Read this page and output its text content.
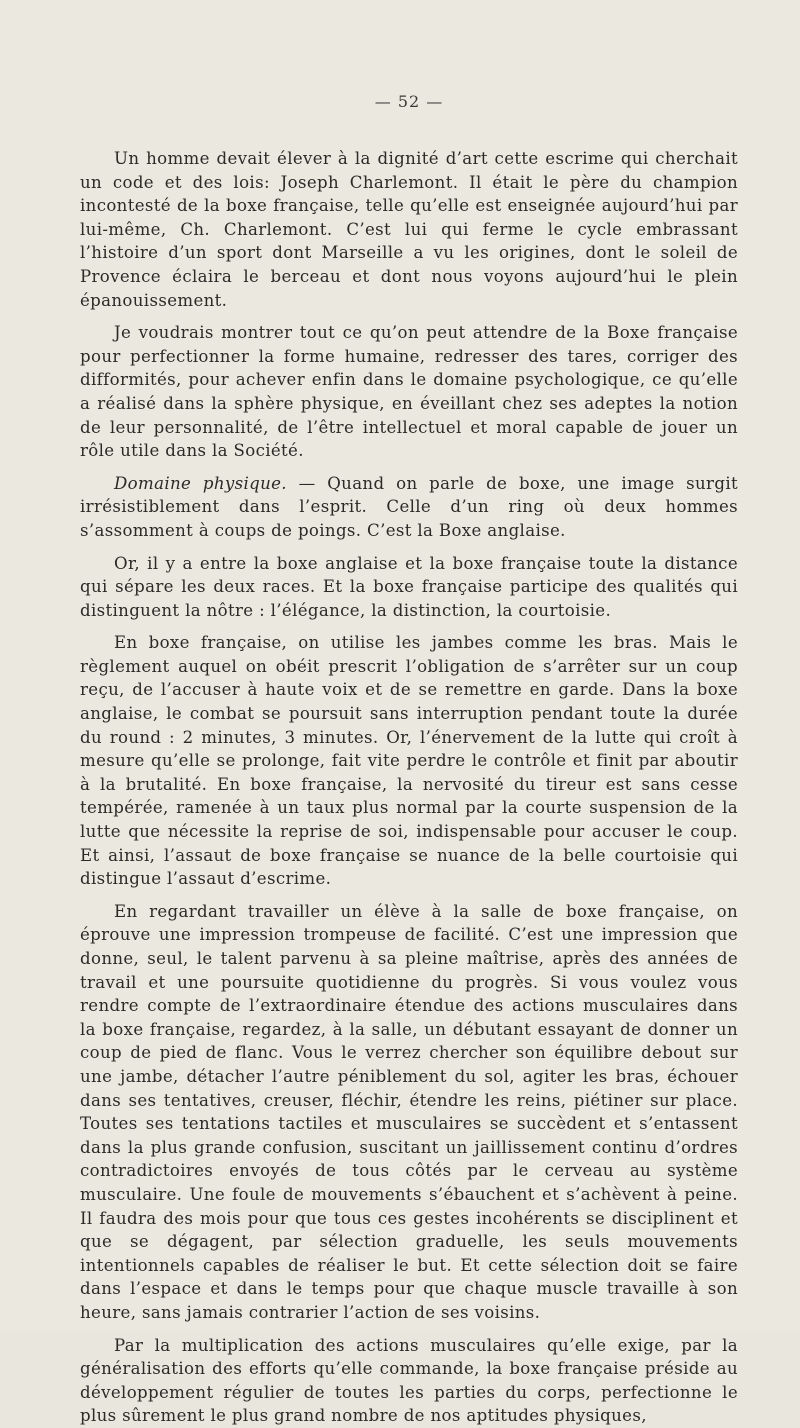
— 52 —

Un homme devait élever à la dignité d’art cette escrime qui cherchait un code et des lois: Joseph Charlemont. Il était le père du champion incontesté de la boxe française, telle qu’elle est enseignée aujourd’hui par lui-même, Ch. Charlemont. C’est lui qui ferme le cycle embrassant l’histoire d’un sport dont Marseille a vu les origines, dont le soleil de Provence éclaira le berceau et dont nous voyons aujourd’hui le plein épanouissement.

Je voudrais montrer tout ce qu’on peut attendre de la Boxe française pour perfectionner la forme humaine, redresser des tares, corriger des difformités, pour achever enfin dans le domaine psychologique, ce qu’elle a réalisé dans la sphère physique, en éveillant chez ses adeptes la notion de leur personnalité, de l’être intellectuel et moral capable de jouer un rôle utile dans la Société.

Domaine physique. — Quand on parle de boxe, une image surgit irrésistiblement dans l’esprit. Celle d’un ring où deux hommes s’assomment à coups de poings. C’est la Boxe anglaise.

Or, il y a entre la boxe anglaise et la boxe française toute la distance qui sépare les deux races. Et la boxe française participe des qualités qui distinguent la nôtre : l’élégance, la distinction, la courtoisie.

En boxe française, on utilise les jambes comme les bras. Mais le règlement auquel on obéit prescrit l’obligation de s’arrêter sur un coup reçu, de l’accuser à haute voix et de se remettre en garde. Dans la boxe anglaise, le combat se poursuit sans interruption pendant toute la durée du round : 2 minutes, 3 minutes. Or, l’énervement de la lutte qui croît à mesure qu’elle se prolonge, fait vite perdre le contrôle et finit par aboutir à la brutalité. En boxe française, la nervosité du tireur est sans cesse tempérée, ramenée à un taux plus normal par la courte suspension de la lutte que nécessite la reprise de soi, indispensable pour accuser le coup. Et ainsi, l’assaut de boxe française se nuance de la belle courtoisie qui distingue l’assaut d’escrime.

En regardant travailler un élève à la salle de boxe française, on éprouve une impression trompeuse de facilité. C’est une impression que donne, seul, le talent parvenu à sa pleine maîtrise, après des années de travail et une poursuite quotidienne du progrès. Si vous voulez vous rendre compte de l’extraordinaire étendue des actions musculaires dans la boxe française, regardez, à la salle, un débutant essayant de donner un coup de pied de flanc. Vous le verrez chercher son équilibre debout sur une jambe, détacher l’autre péniblement du sol, agiter les bras, échouer dans ses tentatives, creuser, fléchir, étendre les reins, piétiner sur place. Toutes ses tentations tactiles et musculaires se succèdent et s’entassent dans la plus grande confusion, suscitant un jaillissement continu d’ordres contradictoires envoyés de tous côtés par le cerveau au système musculaire. Une foule de mouvements s’ébauchent et s’achèvent à peine. Il faudra des mois pour que tous ces gestes incohérents se disciplinent et que se dégagent, par sélection graduelle, les seuls mouvements intentionnels capables de réaliser le but. Et cette sélection doit se faire dans l’espace et dans le temps pour que chaque muscle travaille à son heure, sans jamais contrarier l’action de ses voisins.

Par la multiplication des actions musculaires qu’elle exige, par la généralisation des efforts qu’elle commande, la boxe française préside au développement régulier de toutes les parties du corps, perfectionne le plus sûrement le plus grand nombre de nos aptitudes physiques,
